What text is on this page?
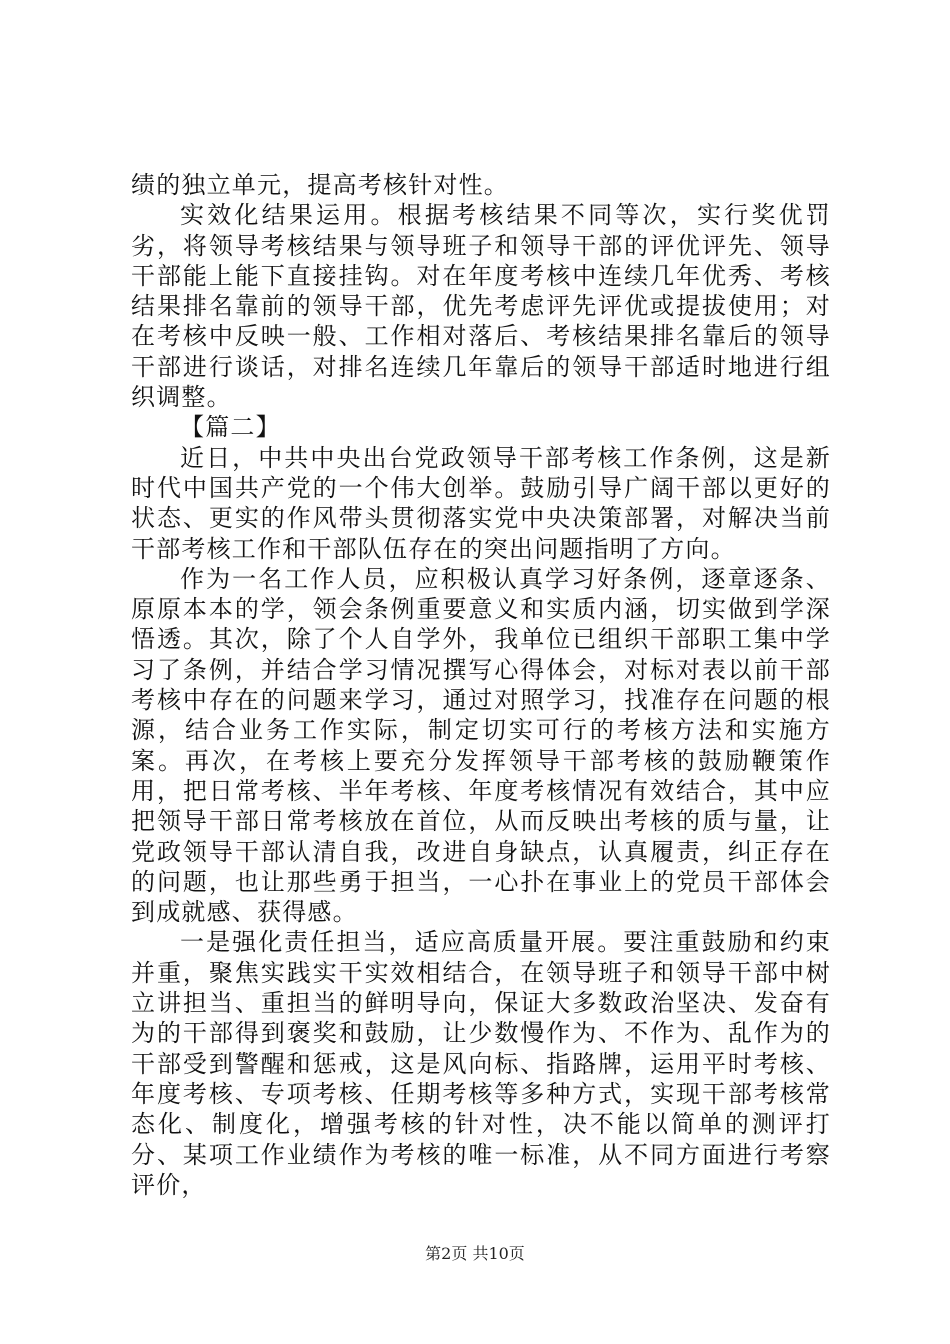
绩的独立单元，提高考核针对性。

实效化结果运用。根据考核结果不同等次，实行奖优罚劣，将领导考核结果与领导班子和领导干部的评优评先、领导干部能上能下直接挂钩。对在年度考核中连续几年优秀、考核结果排名靠前的领导干部，优先考虑评先评优或提拔使用；对在考核中反映一般、工作相对落后、考核结果排名靠后的领导干部进行谈话，对排名连续几年靠后的领导干部适时地进行组织调整。

【篇二】

近日，中共中央出台党政领导干部考核工作条例，这是新时代中国共产党的一个伟大创举。鼓励引导广阔干部以更好的状态、更实的作风带头贯彻落实党中央决策部署，对解决当前干部考核工作和干部队伍存在的突出问题指明了方向。

作为一名工作人员，应积极认真学习好条例，逐章逐条、原原本本的学，领会条例重要意义和实质内涵，切实做到学深悟透。其次，除了个人自学外，我单位已组织干部职工集中学习了条例，并结合学习情况撰写心得体会，对标对表以前干部考核中存在的问题来学习，通过对照学习，找准存在问题的根源，结合业务工作实际，制定切实可行的考核方法和实施方案。再次，在考核上要充分发挥领导干部考核的鼓励鞭策作用，把日常考核、半年考核、年度考核情况有效结合，其中应把领导干部日常考核放在首位，从而反映出考核的质与量，让党政领导干部认清自我，改进自身缺点，认真履责，纠正存在的问题，也让那些勇于担当，一心扑在事业上的党员干部体会到成就感、获得感。

一是强化责任担当，适应高质量开展。要注重鼓励和约束并重，聚焦实践实干实效相结合，在领导班子和领导干部中树立讲担当、重担当的鲜明导向，保证大多数政治坚决、发奋有为的干部得到褒奖和鼓励，让少数慢作为、不作为、乱作为的干部受到警醒和惩戒，这是风向标、指路牌，运用平时考核、年度考核、专项考核、任期考核等多种方式，实现干部考核常态化、制度化，增强考核的针对性，决不能以简单的测评打分、某项工作业绩作为考核的唯一标准，从不同方面进行考察评价，

第2页 共10页
